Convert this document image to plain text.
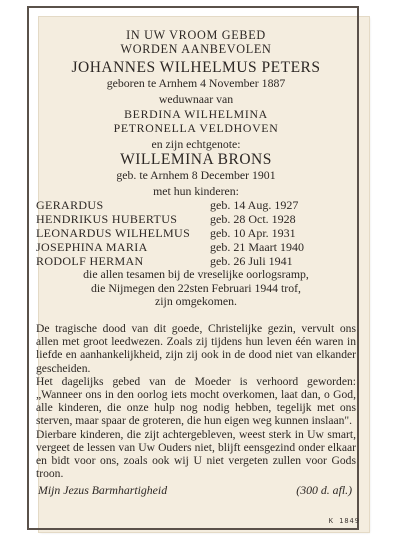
IN UW VROOM GEBED
WORDEN AANBEVOLEN
JOHANNES WILHELMUS PETERS
geboren te Arnhem 4 November 1887
weduwnaar van
BERDINA WILHELMINA
PETRONELLA VELDHOVEN
en zijn echtgenote:
WILLEMINA BRONS
geb. te Arnhem 8 December 1901
met hun kinderen:
GERARDUS	geb. 14 Aug. 1927
HENDRIKUS HUBERTUS	geb. 28 Oct. 1928
LEONARDUS WILHELMUS	geb. 10 Apr. 1931
JOSEPHINA MARIA	geb. 21 Maart 1940
RODOLF HERMAN	geb. 26 Juli 1941
die allen tesamen bij de vreselijke oorlogsramp,
die Nijmegen den 22sten Februari 1944 trof,
zijn omgekomen.

De tragische dood van dit goede, Christelijke gezin, vervult ons allen met groot leedwezen. Zoals zij tijdens hun leven één waren in liefde en aanhankelijkheid, zijn zij ook in de dood niet van elkander gescheiden.

Het dagelijks gebed van de Moeder is verhoord geworden: „Wanneer ons in den oorlog iets mocht overkomen, laat dan, o God, alle kinderen, die onze hulp nog nodig hebben, tegelijk met ons sterven, maar spaar de groteren, die hun eigen weg kunnen inslaan".

Dierbare kinderen, die zijt achtergebleven, weest sterk in Uw smart, vergeet de lessen van Uw Ouders niet, blijft eensgezind onder elkaar en bidt voor ons, zoals ook wij U niet vergeten zullen voor Gods troon.

Mijn Jezus Barmhartigheid	(300 d. afl.)
K 1849
